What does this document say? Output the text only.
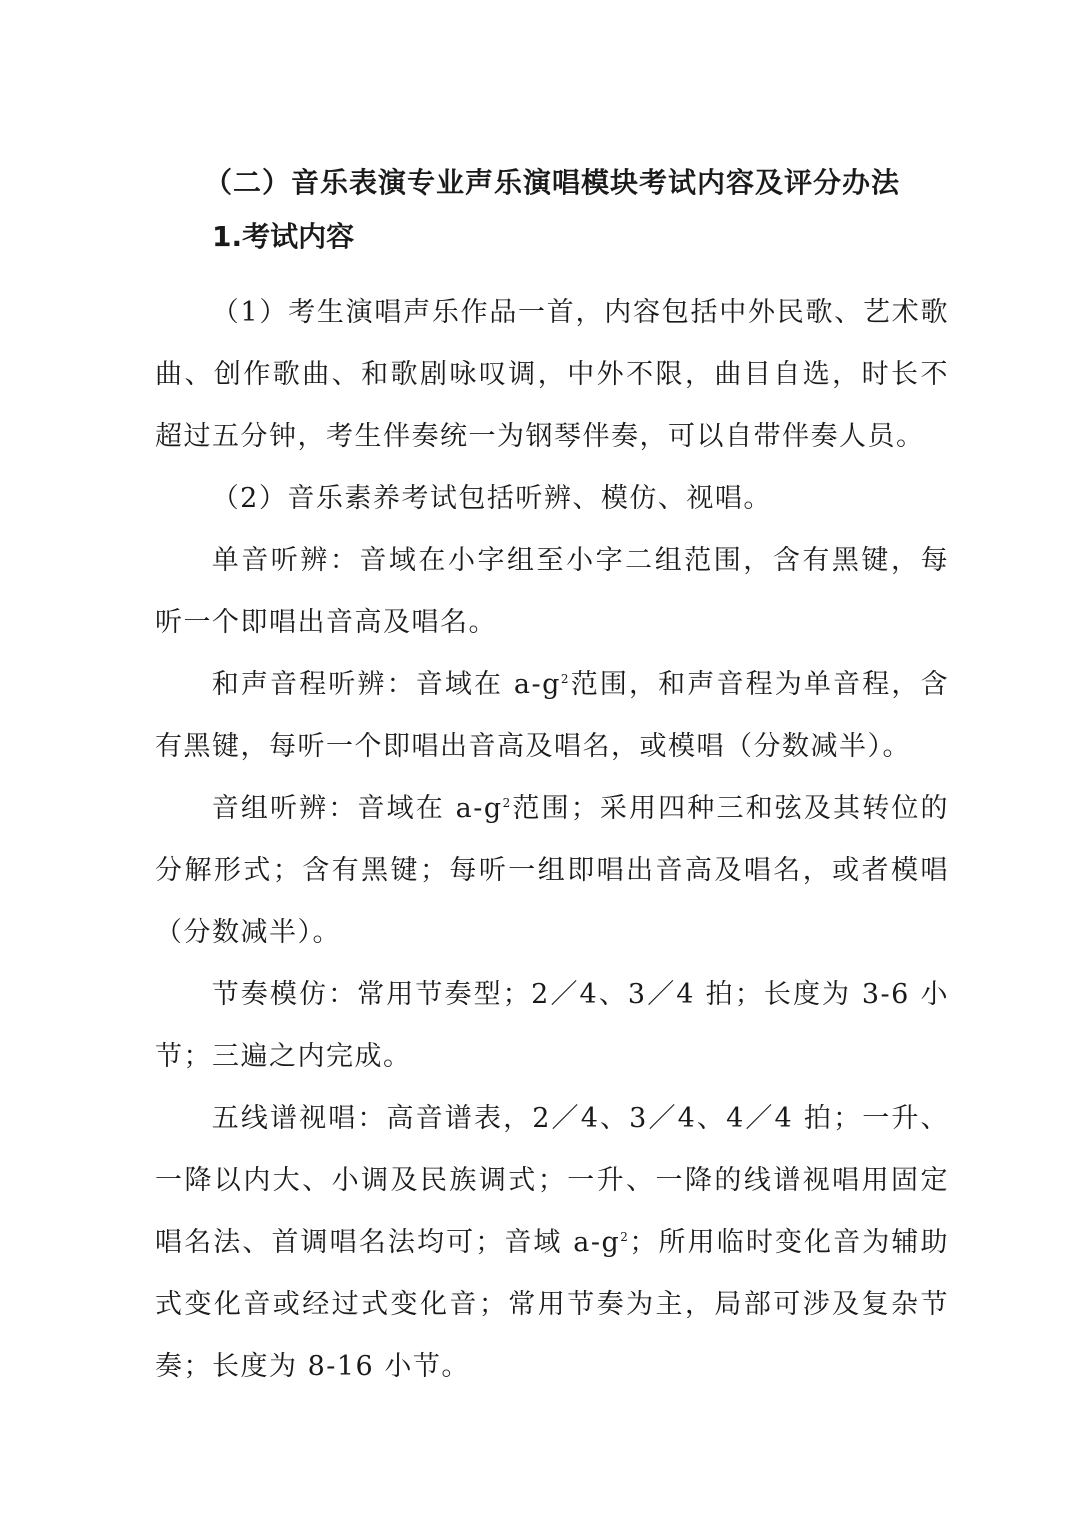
（二）音乐表演专业声乐演唱模块考试内容及评分办法
1.考试内容

（1）考生演唱声乐作品一首，内容包括中外民歌、艺术歌曲、创作歌曲、和歌剧咏叹调，中外不限，曲目自选，时长不超过五分钟，考生伴奏统一为钢琴伴奏，可以自带伴奏人员。

（2）音乐素养考试包括听辨、模仿、视唱。

单音听辨：音域在小字组至小字二组范围，含有黑键，每听一个即唱出音高及唱名。

和声音程听辨：音域在 $a-g^2$范围，和声音程为单音程，含有黑键，每听一个即唱出音高及唱名，或模唱（分数减半）。

音组听辨：音域在 $a-g^2$范围；采用四种三和弦及其转位的分解形式；含有黑键；每听一组即唱出音高及唱名，或者模唱（分数减半）。

节奏模仿：常用节奏型；2／4、3／4 拍；长度为 3-6 小节；三遍之内完成。

五线谱视唱：高音谱表，2／4、3／4、4／4 拍；一升、一降以内大、小调及民族调式；一升、一降的线谱视唱用固定唱名法、首调唱名法均可；音域 $a-g^2$；所用临时变化音为辅助式变化音或经过式变化音；常用节奏为主，局部可涉及复杂节奏；长度为 8-16 小节。
